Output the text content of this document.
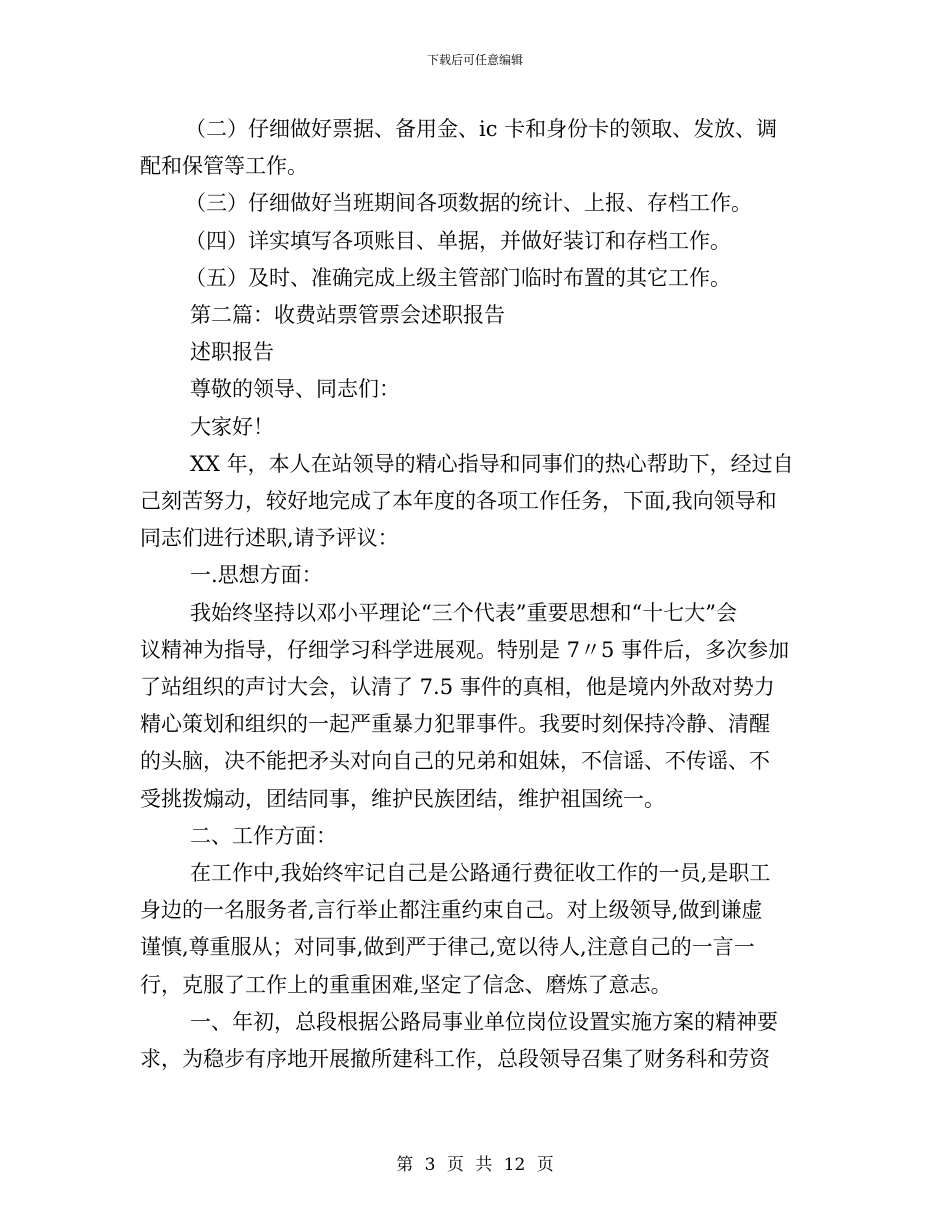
下载后可任意编辑

（二）仔细做好票据、备用金、ic 卡和身份卡的领取、发放、调

配和保管等工作。

（三）仔细做好当班期间各项数据的统计、上报、存档工作。

（四）详实填写各项账目、单据，并做好装订和存档工作。

（五）及时、准确完成上级主管部门临时布置的其它工作。

第二篇：收费站票管票会述职报告

述职报告

尊敬的领导、同志们：

大家好！

XX 年，本人在站领导的精心指导和同事们的热心帮助下，经过自

己刻苦努力，较好地完成了本年度的各项工作任务，下面,我向领导和

同志们进行述职,请予评议：

一.思想方面：

我始终坚持以邓小平理论“三个代表”重要思想和“十七大”会

议精神为指导，仔细学习科学进展观。特别是 7〃5 事件后，多次参加

了站组织的声讨大会，认清了 7.5 事件的真相，他是境内外敌对势力

精心策划和组织的一起严重暴力犯罪事件。我要时刻保持冷静、清醒

的头脑，决不能把矛头对向自己的兄弟和姐妹，不信谣、不传谣、不

受挑拨煽动，团结同事，维护民族团结，维护祖国统一。

二、工作方面：

在工作中,我始终牢记自己是公路通行费征收工作的一员,是职工

身边的一名服务者,言行举止都注重约束自己。对上级领导,做到谦虚

谨慎,尊重服从；对同事,做到严于律己,宽以待人,注意自己的一言一

行，克服了工作上的重重困难,坚定了信念、磨炼了意志。

一、年初，总段根据公路局事业单位岗位设置实施方案的精神要

求，为稳步有序地开展撤所建科工作，总段领导召集了财务科和劳资

第 3 页 共 12 页
